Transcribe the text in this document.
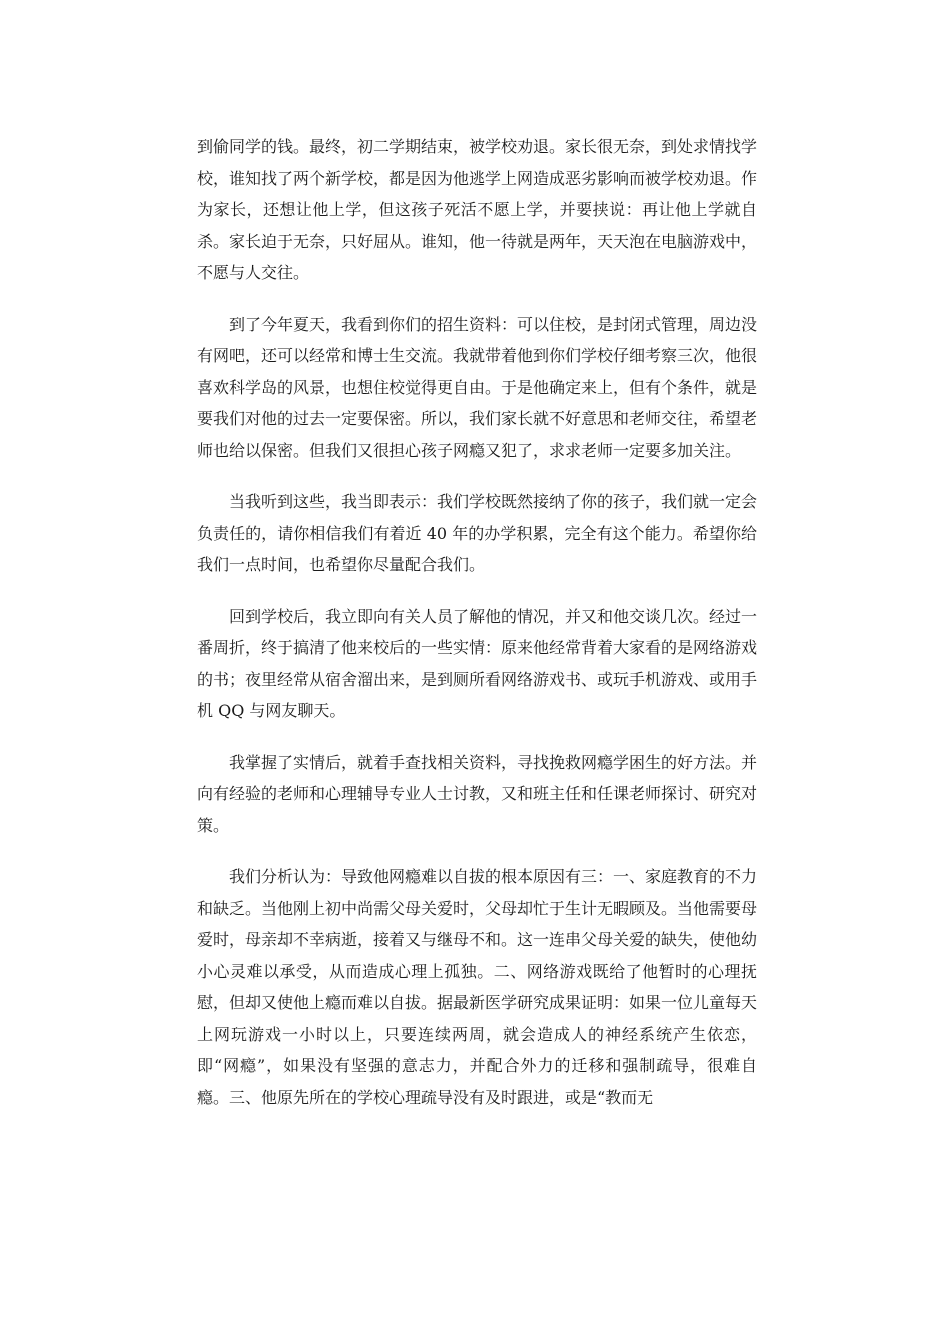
到偷同学的钱。最终，初二学期结束，被学校劝退。家长很无奈，到处求情找学校，谁知找了两个新学校，都是因为他逃学上网造成恶劣影响而被学校劝退。作为家长，还想让他上学，但这孩子死活不愿上学，并要挟说：再让他上学就自杀。家长迫于无奈，只好屈从。谁知，他一待就是两年，天天泡在电脑游戏中，不愿与人交往。

到了今年夏天，我看到你们的招生资料：可以住校，是封闭式管理，周边没有网吧，还可以经常和博士生交流。我就带着他到你们学校仔细考察三次，他很喜欢科学岛的风景，也想住校觉得更自由。于是他确定来上，但有个条件，就是要我们对他的过去一定要保密。所以，我们家长就不好意思和老师交往，希望老师也给以保密。但我们又很担心孩子网瘾又犯了，求求老师一定要多加关注。

当我听到这些，我当即表示：我们学校既然接纳了你的孩子，我们就一定会负责任的，请你相信我们有着近 40 年的办学积累，完全有这个能力。希望你给我们一点时间，也希望你尽量配合我们。

回到学校后，我立即向有关人员了解他的情况，并又和他交谈几次。经过一番周折，终于搞清了他来校后的一些实情：原来他经常背着大家看的是网络游戏的书；夜里经常从宿舍溜出来，是到厕所看网络游戏书、或玩手机游戏、或用手机 QQ 与网友聊天。

我掌握了实情后，就着手查找相关资料，寻找挽救网瘾学困生的好方法。并向有经验的老师和心理辅导专业人士讨教，又和班主任和任课老师探讨、研究对策。

我们分析认为：导致他网瘾难以自拔的根本原因有三：一、家庭教育的不力和缺乏。当他刚上初中尚需父母关爱时，父母却忙于生计无暇顾及。当他需要母爱时，母亲却不幸病逝，接着又与继母不和。这一连串父母关爱的缺失，使他幼小心灵难以承受，从而造成心理上孤独。二、网络游戏既给了他暂时的心理抚慰，但却又使他上瘾而难以自拔。据最新医学研究成果证明：如果一位儿童每天上网玩游戏一小时以上，只要连续两周，就会造成人的神经系统产生依恋，即“网瘾”，如果没有坚强的意志力，并配合外力的迁移和强制疏导，很难自瘾。三、他原先所在的学校心理疏导没有及时跟进，或是“教而无
